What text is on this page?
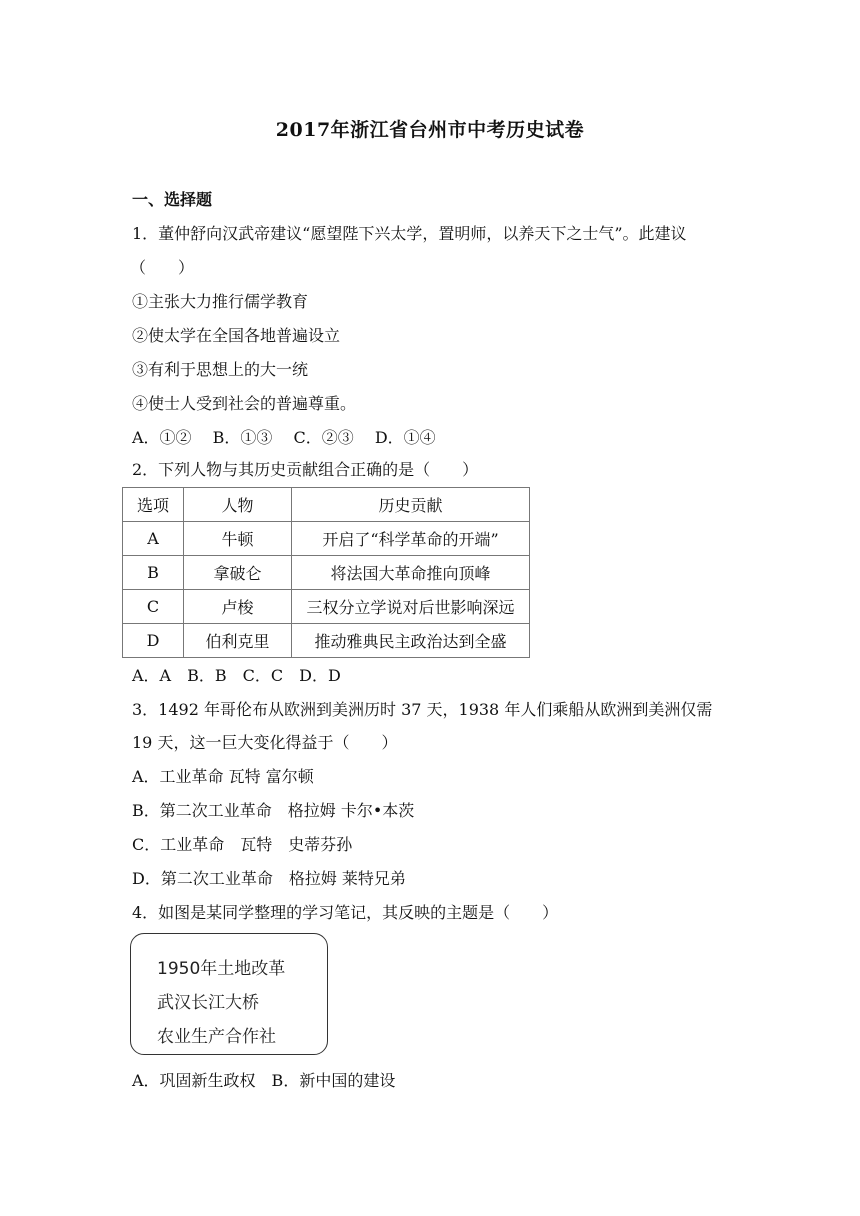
2017年浙江省台州市中考历史试卷
一、选择题
1．董仲舒向汉武帝建议“愿望陛下兴太学，置明师，以养天下之士气”。此建议
（　　）
①主张大力推行儒学教育
②使太学在全国各地普遍设立
③有利于思想上的大一统
④使士人受到社会的普遍尊重。
A．①②　 B．①③　 C．②③　 D．①④
2．下列人物与其历史贡献组合正确的是（　　）
选项	人物	历史贡献
A	牛顿	开启了“科学革命的开端”
B	拿破仑	将法国大革命推向顶峰
C	卢梭	三权分立学说对后世影响深远
D	伯利克里	推动雅典民主政治达到全盛
A．A　B．B　C．C　D．D
3．1492 年哥伦布从欧洲到美洲历时 37 天，1938 年人们乘船从欧洲到美洲仅需
19 天，这一巨大变化得益于（　　）
A．工业革命 瓦特 富尔顿
B．第二次工业革命　格拉姆 卡尔•本茨
C．工业革命　瓦特　史蒂芬孙
D．第二次工业革命　格拉姆 莱特兄弟
4．如图是某同学整理的学习笔记，其反映的主题是（　　）
1950年土地改革
武汉长江大桥
农业生产合作社
A．巩固新生政权　B．新中国的建设
